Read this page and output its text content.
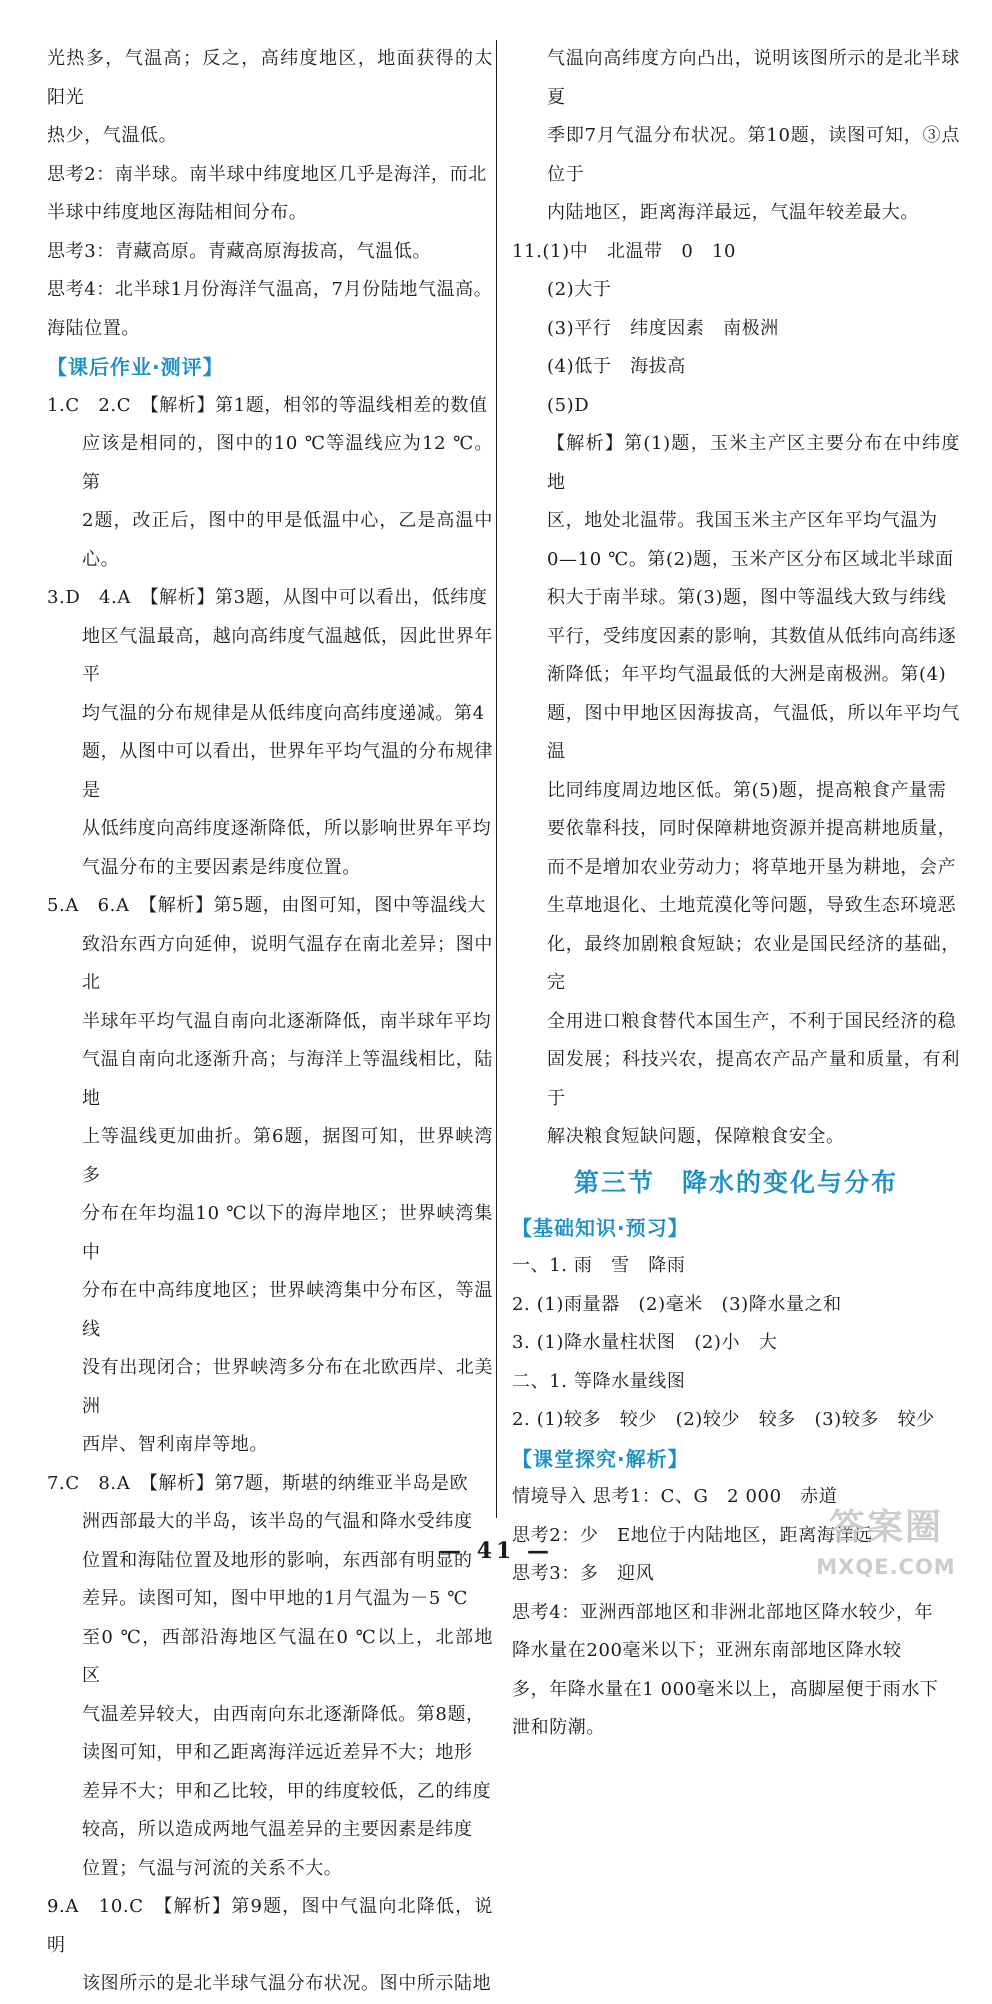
光热多，气温高；反之，高纬度地区，地面获得的太阳光
热少，气温低。
思考2：南半球。南半球中纬度地区几乎是海洋，而北
半球中纬度地区海陆相间分布。
思考3：青藏高原。青藏高原海拔高，气温低。
思考4：北半球1月份海洋气温高，7月份陆地气温高。
海陆位置。
【课后作业·测评】
1.C　2.C　【解析】第1题，相邻的等温线相差的数值
应该是相同的，图中的10 ℃等温线应为12 ℃。第
2题，改正后，图中的甲是低温中心，乙是高温中心。
3.D　4.A　【解析】第3题，从图中可以看出，低纬度
地区气温最高，越向高纬度气温越低，因此世界年平
均气温的分布规律是从低纬度向高纬度递减。第4
题，从图中可以看出，世界年平均气温的分布规律是
从低纬度向高纬度逐渐降低，所以影响世界年平均
气温分布的主要因素是纬度位置。
5.A　6.A　【解析】第5题，由图可知，图中等温线大
致沿东西方向延伸，说明气温存在南北差异；图中北
半球年平均气温自南向北逐渐降低，南半球年平均
气温自南向北逐渐升高；与海洋上等温线相比，陆地
上等温线更加曲折。第6题，据图可知，世界峡湾多
分布在年均温10 ℃以下的海岸地区；世界峡湾集中
分布在中高纬度地区；世界峡湾集中分布区，等温线
没有出现闭合；世界峡湾多分布在北欧西岸、北美洲
西岸、智利南岸等地。
7.C　8.A　【解析】第7题，斯堪的纳维亚半岛是欧
洲西部最大的半岛，该半岛的气温和降水受纬度
位置和海陆位置及地形的影响，东西部有明显的
差异。读图可知，图中甲地的1月气温为－5 ℃
至0 ℃，西部沿海地区气温在0 ℃以上，北部地区
气温差异较大，由西南向东北逐渐降低。第8题，
读图可知，甲和乙距离海洋远近差异不大；地形
差异不大；甲和乙比较，甲的纬度较低，乙的纬度
较高，所以造成两地气温差异的主要因素是纬度
位置；气温与河流的关系不大。
9.A　10.C　【解析】第9题，图中气温向北降低，说明
该图所示的是北半球气温分布状况。图中所示陆地
气温向高纬度方向凸出，说明该图所示的是北半球夏
季即7月气温分布状况。第10题，读图可知，③点位于
内陆地区，距离海洋最远，气温年较差最大。
11.(1)中　北温带　0　10
(2)大于
(3)平行　纬度因素　南极洲
(4)低于　海拔高
(5)D
【解析】第(1)题，玉米主产区主要分布在中纬度地
区，地处北温带。我国玉米主产区年平均气温为
0—10 ℃。第(2)题，玉米产区分布区域北半球面
积大于南半球。第(3)题，图中等温线大致与纬线
平行，受纬度因素的影响，其数值从低纬向高纬逐
渐降低；年平均气温最低的大洲是南极洲。第(4)
题，图中甲地区因海拔高，气温低，所以年平均气温
比同纬度周边地区低。第(5)题，提高粮食产量需
要依靠科技，同时保障耕地资源并提高耕地质量，
而不是增加农业劳动力；将草地开垦为耕地，会产
生草地退化、土地荒漠化等问题，导致生态环境恶
化，最终加剧粮食短缺；农业是国民经济的基础，完
全用进口粮食替代本国生产，不利于国民经济的稳
固发展；科技兴农，提高农产品产量和质量，有利于
解决粮食短缺问题，保障粮食安全。
第三节　降水的变化与分布
【基础知识·预习】
一、1. 雨　雪　降雨
2. (1)雨量器　(2)毫米　(3)降水量之和
3. (1)降水量柱状图　(2)小　大
二、1. 等降水量线图
2. (1)较多　较少　(2)较少　较多　(3)较多　较少
【课堂探究·解析】
情境导入 思考1：C、G　2 000　赤道
思考2：少　E地位于内陆地区，距离海洋远
思考3：多　迎风
思考4：亚洲西部地区和非洲北部地区降水较少，年
降水量在200毫米以下；亚洲东南部地区降水较
多，年降水量在1 000毫米以上，高脚屋便于雨水下
泄和防潮。
— 41 —
答案圈
MXQE.COM
